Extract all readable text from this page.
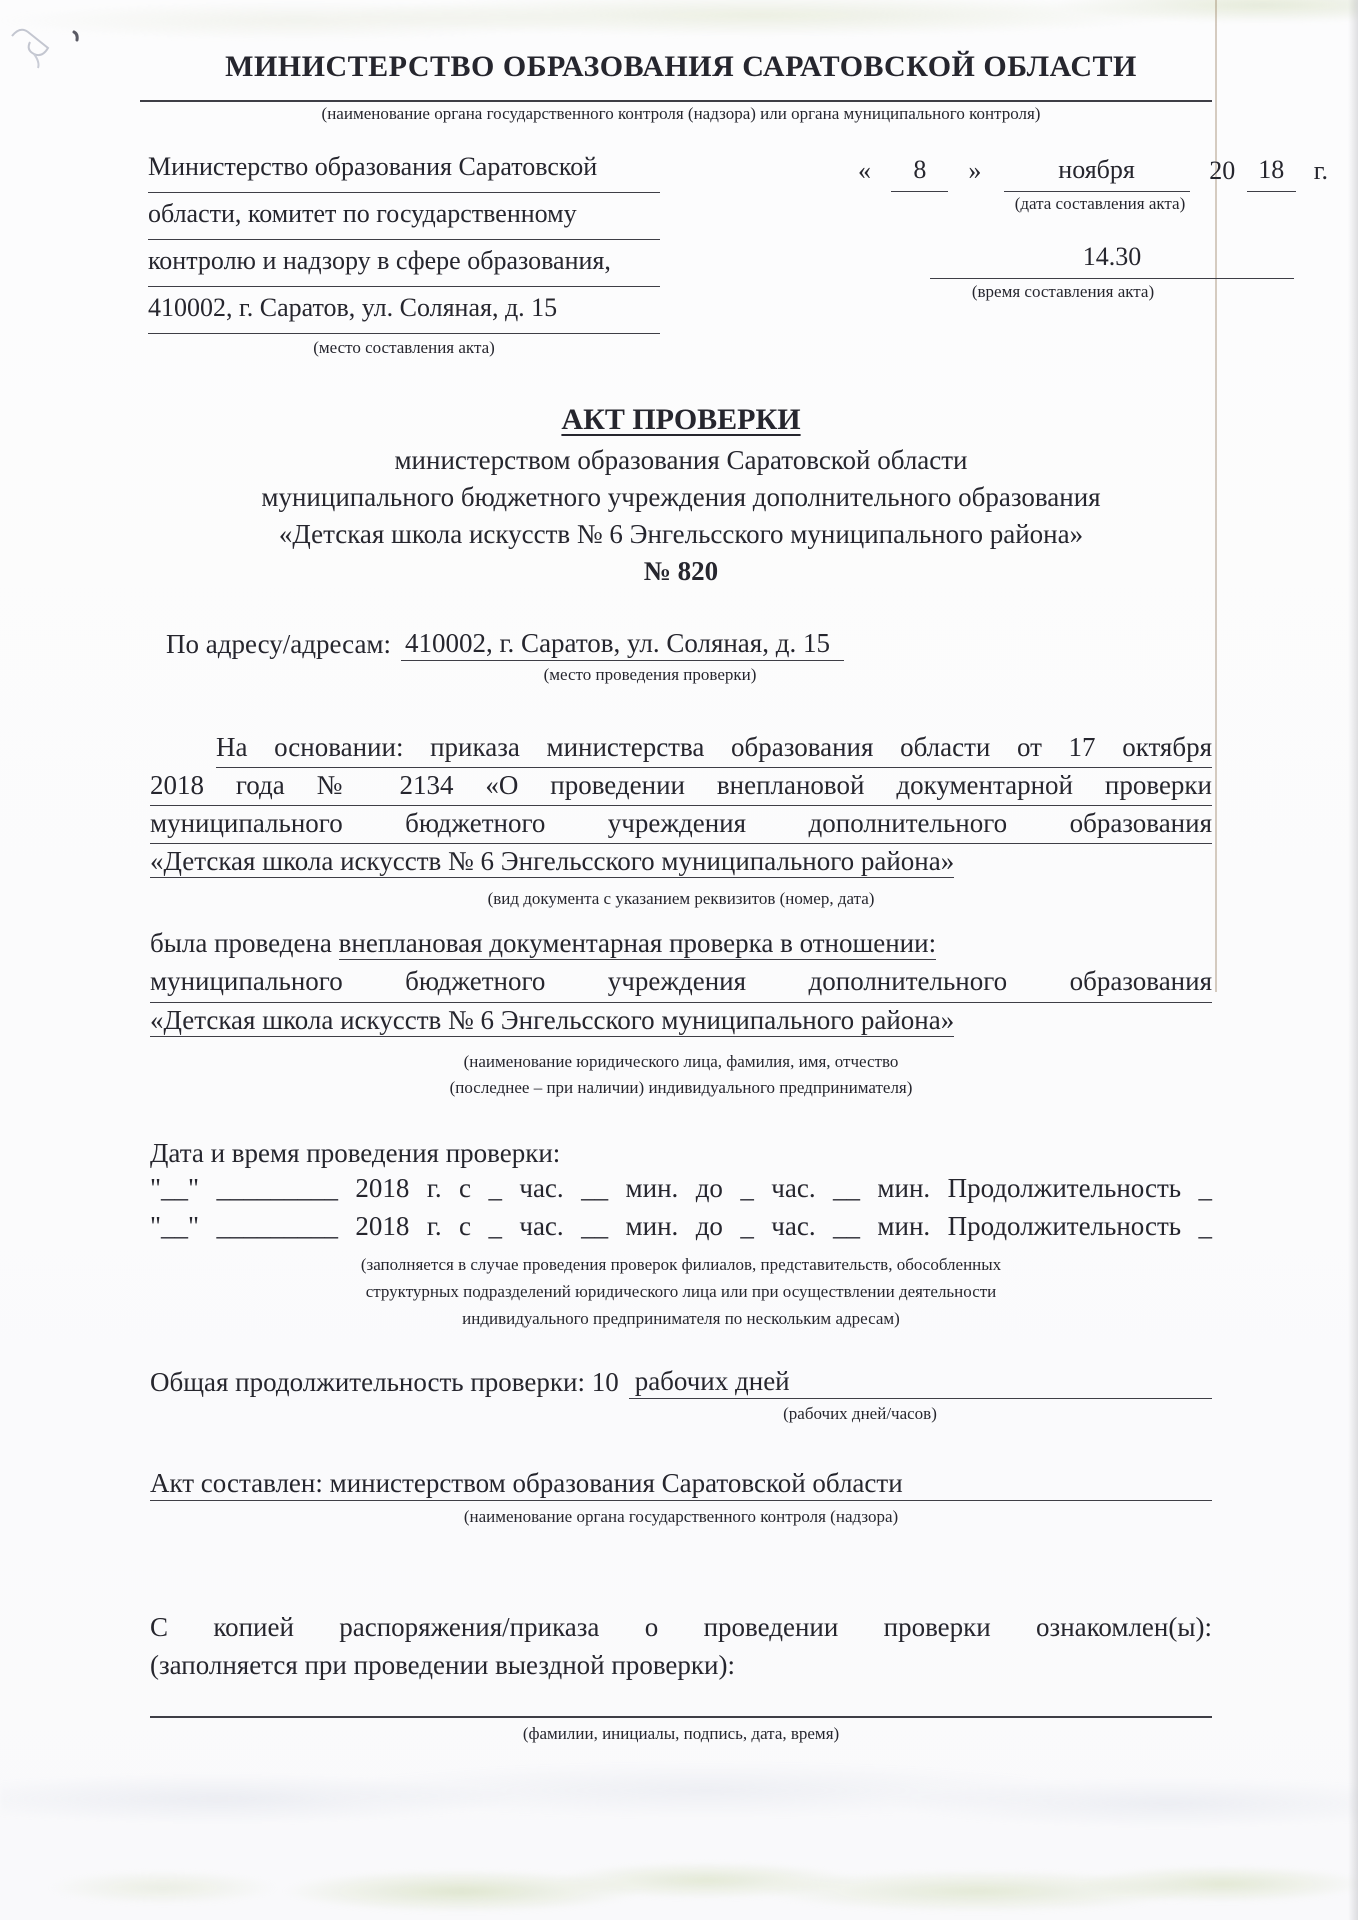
МИНИСТЕРСТВО ОБРАЗОВАНИЯ САРАТОВСКОЙ ОБЛАСТИ
(наименование органа государственного контроля (надзора) или органа муниципального контроля)
Министерство образования Саратовской
области, комитет по государственному
контролю и надзору в сфере образования,
410002, г. Саратов, ул. Соляная, д. 15
(место составления акта)
«	8	»	ноября	20 18	г.
(дата составления акта)
14.30
(время составления акта)
АКТ ПРОВЕРКИ
министерством образования Саратовской области
муниципального бюджетного учреждения дополнительного образования
«Детская школа искусств № 6 Энгельсского муниципального района»
№ 820
По адресу/адресам: 410002, г. Саратов, ул. Соляная, д. 15
(место проведения проверки)
На основании: приказа министерства образования области от 17 октября
2018 года № 2134 «О проведении внеплановой документарной проверки
муниципального бюджетного учреждения дополнительного образования
«Детская школа искусств № 6 Энгельсского муниципального района»
(вид документа с указанием реквизитов (номер, дата)
была проведена внеплановая документарная проверка в отношении:
муниципального бюджетного учреждения дополнительного образования
«Детская школа искусств № 6 Энгельсского муниципального района»
(наименование юридического лица, фамилия, имя, отчество
(последнее – при наличии) индивидуального предпринимателя)
Дата и время проведения проверки:
"__" _________ 2018 г. с _ час. __ мин. до _ час. __ мин. Продолжительность _
"__" _________ 2018 г. с _ час. __ мин. до _ час. __ мин. Продолжительность _
(заполняется в случае проведения проверок филиалов, представительств, обособленных
структурных подразделений юридического лица или при осуществлении деятельности
индивидуального предпринимателя по нескольким адресам)
Общая продолжительность проверки: 10 рабочих дней
(рабочих дней/часов)
Акт составлен: министерством образования Саратовской области
(наименование органа государственного контроля (надзора)
С копией распоряжения/приказа о проведении проверки ознакомлен(ы):
(заполняется при проведении выездной проверки):
(фамилии, инициалы, подпись, дата, время)
